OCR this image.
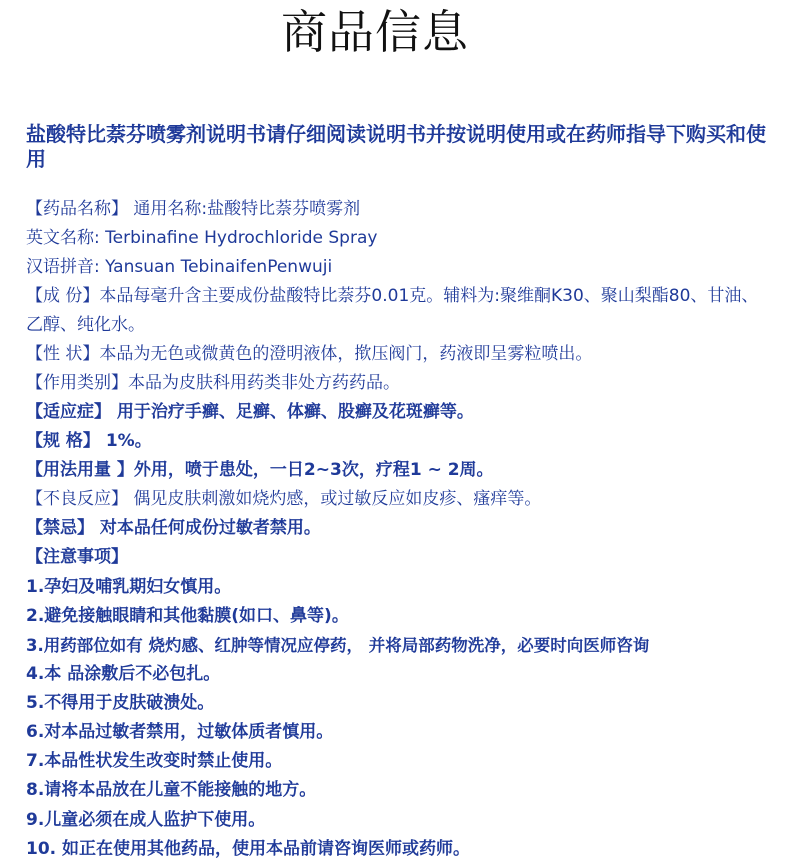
商品信息
盐酸特比萘芬喷雾剂说明书请仔细阅读说明书并按说明使用或在药师指导下购买和使用
【药品名称】 通用名称:盐酸特比萘芬喷雾剂
英文名称: Terbinafine Hydrochloride Spray
汉语拼音: Yansuan TebinaifenPenwuji
【成 份】本品每毫升含主要成份盐酸特比萘芬0.01克。辅料为:聚维酮K30、聚山梨酯80、甘油、乙醇、纯化水。
【性 状】本品为无色或微黄色的澄明液体，揿压阀门，药液即呈雾粒喷出。
【作用类别】本品为皮肤科用药类非处方药药品。
【适应症】 用于治疗手癣、足癣、体癣、股癣及花斑癣等。
【规 格】 1%。
【用法用量 】外用，喷于患处，一日2~3次，疗程1 ~ 2周。
【不良反应】 偶见皮肤刺激如烧灼感，或过敏反应如皮疹、瘙痒等。
【禁忌】 对本品任何成份过敏者禁用。
【注意事项】
1.孕妇及哺乳期妇女慎用。
2.避免接触眼睛和其他黏膜(如口、鼻等)。
3.用药部位如有 烧灼感、红肿等情况应停药， 并将局部药物洗净，必要时向医师咨询
4.本 品涂敷后不必包扎。
5.不得用于皮肤破溃处。
6.对本品过敏者禁用，过敏体质者慎用。
7.本品性状发生改变时禁止使用。
8.请将本品放在儿童不能接触的地方。
9.儿童必须在成人监护下使用。
10. 如正在使用其他药品，使用本品前请咨询医师或药师。
